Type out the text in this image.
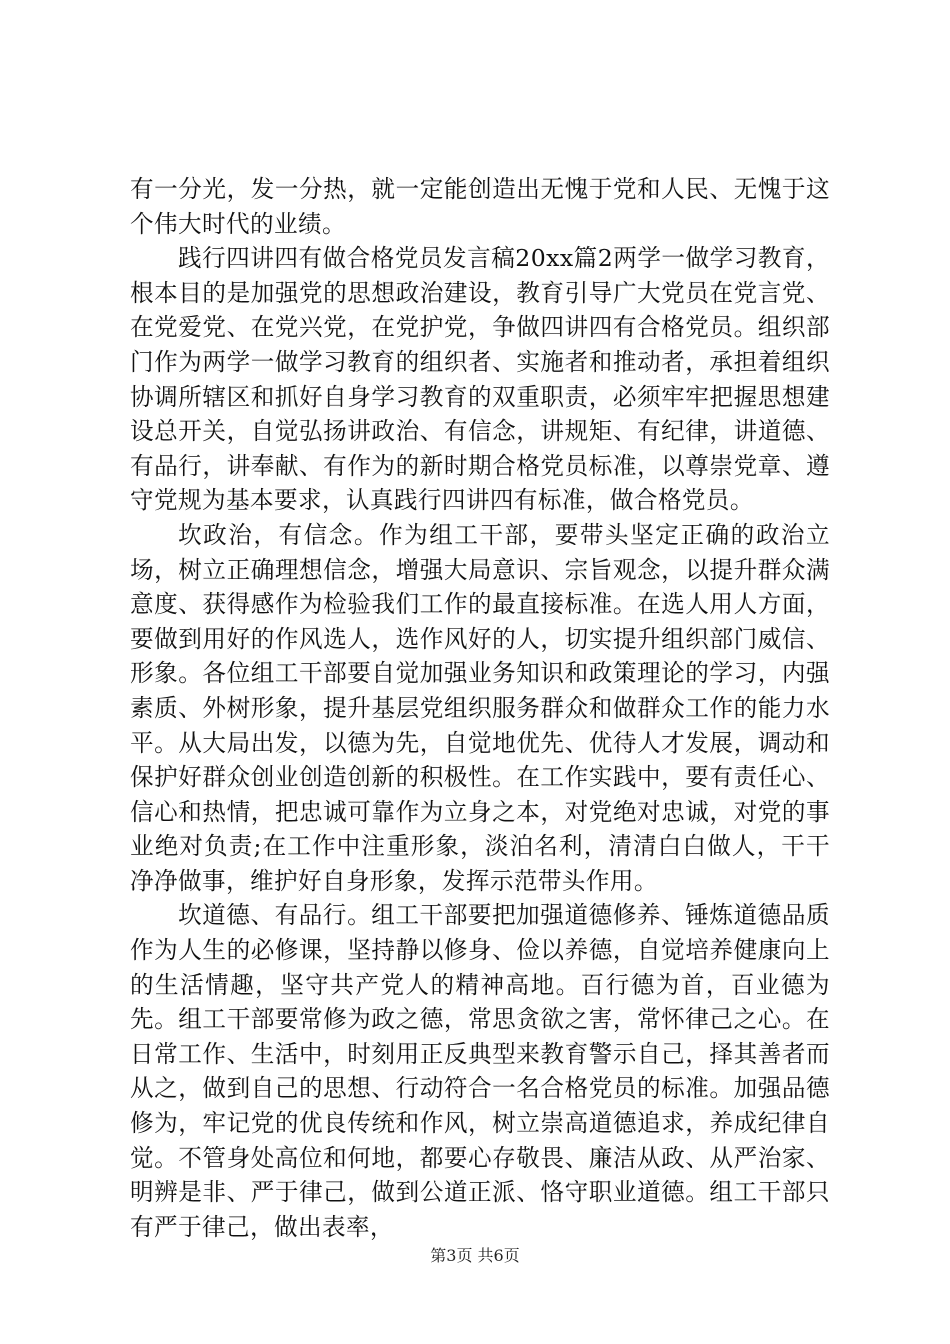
有一分光，发一分热，就一定能创造出无愧于党和人民、无愧于这个伟大时代的业绩。

践行四讲四有做合格党员发言稿20xx篇2两学一做学习教育，根本目的是加强党的思想政治建设，教育引导广大党员在党言党、在党爱党、在党兴党，在党护党，争做四讲四有合格党员。组织部门作为两学一做学习教育的组织者、实施者和推动者，承担着组织协调所辖区和抓好自身学习教育的双重职责，必须牢牢把握思想建设总开关，自觉弘扬讲政治、有信念，讲规矩、有纪律，讲道德、有品行，讲奉献、有作为的新时期合格党员标准，以尊崇党章、遵守党规为基本要求，认真践行四讲四有标准，做合格党员。

坎政治，有信念。作为组工干部，要带头坚定正确的政治立场，树立正确理想信念，增强大局意识、宗旨观念，以提升群众满意度、获得感作为检验我们工作的最直接标准。在选人用人方面，要做到用好的作风选人，选作风好的人，切实提升组织部门威信、形象。各位组工干部要自觉加强业务知识和政策理论的学习，内强素质、外树形象，提升基层党组织服务群众和做群众工作的能力水平。从大局出发，以德为先，自觉地优先、优待人才发展，调动和保护好群众创业创造创新的积极性。在工作实践中，要有责任心、信心和热情，把忠诚可靠作为立身之本，对党绝对忠诚，对党的事业绝对负责;在工作中注重形象，淡泊名利，清清白白做人，干干净净做事，维护好自身形象，发挥示范带头作用。

坎道德、有品行。组工干部要把加强道德修养、锤炼道德品质作为人生的必修课，坚持静以修身、俭以养德，自觉培养健康向上的生活情趣，坚守共产党人的精神高地。百行德为首，百业德为先。组工干部要常修为政之德，常思贪欲之害，常怀律己之心。在日常工作、生活中，时刻用正反典型来教育警示自己，择其善者而从之，做到自己的思想、行动符合一名合格党员的标准。加强品德修为，牢记党的优良传统和作风，树立崇高道德追求，养成纪律自觉。不管身处高位和何地，都要心存敬畏、廉洁从政、从严治家、明辨是非、严于律己，做到公道正派、恪守职业道德。组工干部只有严于律己，做出表率，

第3页 共6页
